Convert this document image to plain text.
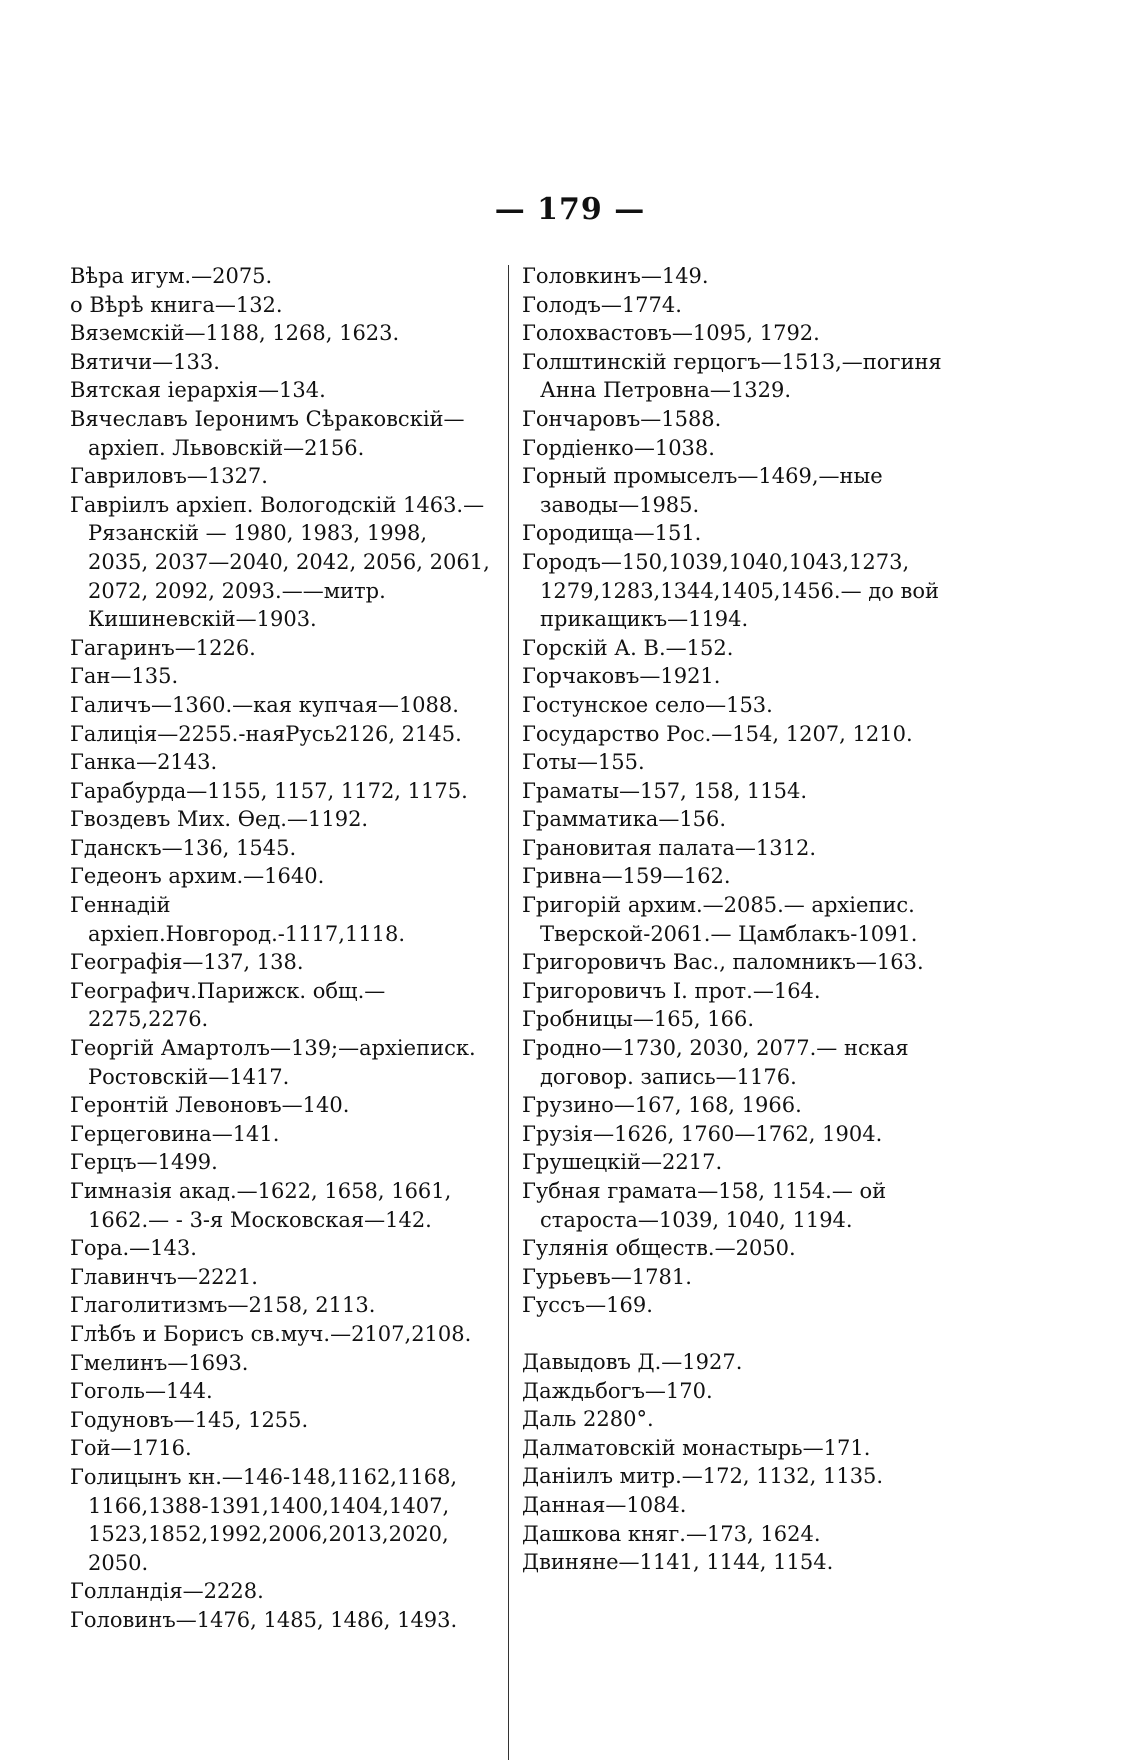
— 179 —
Вѣра игум.—2075.
о Вѣрѣ книга—132.
Вяземскій—1188, 1268, 1623.
Вятичи—133.
Вятская іерархія—134.
Вячеславъ Іеронимъ Сѣраковскій—архіеп. Львовскій—2156.
Гавриловъ—1327.
Гавріилъ архіеп. Вологодскій 1463.— Рязанскій — 1980, 1983, 1998, 2035, 2037—2040, 2042, 2056, 2061, 2072, 2092, 2093.——митр. Кишиневскій—1903.
Гагаринъ—1226.
Ган—135.
Галичъ—1360.—кая купчая—1088.
Галиція—2255.-наяРусь2126, 2145.
Ганка—2143.
Гарабурда—1155, 1157, 1172, 1175.
Гвоздевъ Мих. Ѳед.—1192.
Гданскъ—136, 1545.
Гедеонъ архим.—1640.
Геннадій архіеп.Новгород.-1117,1118.
Географія—137, 138.
Географич.Парижск. общ.—2275,2276.
Георгій Амартолъ—139;—архіеписк. Ростовскій—1417.
Геронтій Левоновъ—140.
Герцеговина—141.
Герцъ—1499.
Гимназія акад.—1622, 1658, 1661, 1662.— - 3-я Московская—142.
Гора.—143.
Главинчъ—2221.
Глаголитизмъ—2158, 2113.
Глѣбъ и Борисъ св.муч.—2107,2108.
Гмелинъ—1693.
Гоголь—144.
Годуновъ—145, 1255.
Гой—1716.
Голицынъ кн.—146-148,1162,1168, 1166,1388-1391,1400,1404,1407, 1523,1852,1992,2006,2013,2020, 2050.
Голландія—2228.
Головинъ—1476, 1485, 1486, 1493.
Головкинъ—149.
Голодъ—1774.
Голохвастовъ—1095, 1792.
Голштинскій герцогъ—1513,—погиня Анна Петровна—1329.
Гончаровъ—1588.
Гордіенко—1038.
Горный промыселъ—1469,—ные заводы—1985.
Городища—151.
Городъ—150,1039,1040,1043,1273, 1279,1283,1344,1405,1456.— до вой прикащикъ—1194.
Горскій А. В.—152.
Горчаковъ—1921.
Гостунское село—153.
Государство Рос.—154, 1207, 1210.
Готы—155.
Граматы—157, 158, 1154.
Грамматика—156.
Грановитая палата—1312.
Гривна—159—162.
Григорій архим.—2085.— архіепис. Тверской-2061.— Цамблакъ-1091.
Григоровичъ Вас., паломникъ—163.
Григоровичъ І. прот.—164.
Гробницы—165, 166.
Гродно—1730, 2030, 2077.— нская договор. запись—1176.
Грузино—167, 168, 1966.
Грузія—1626, 1760—1762, 1904.
Грушецкій—2217.
Губная грамата—158, 1154.— ой староста—1039, 1040, 1194.
Гулянія обществ.—2050.
Гурьевъ—1781.
Гуссъ—169.
Давыдовъ Д.—1927.
Даждьбогъ—170.
Даль 2280°.
Далматовскій монастырь—171.
Даніилъ митр.—172, 1132, 1135.
Данная—1084.
Дашкова княг.—173, 1624.
Двиняне—1141, 1144, 1154.
